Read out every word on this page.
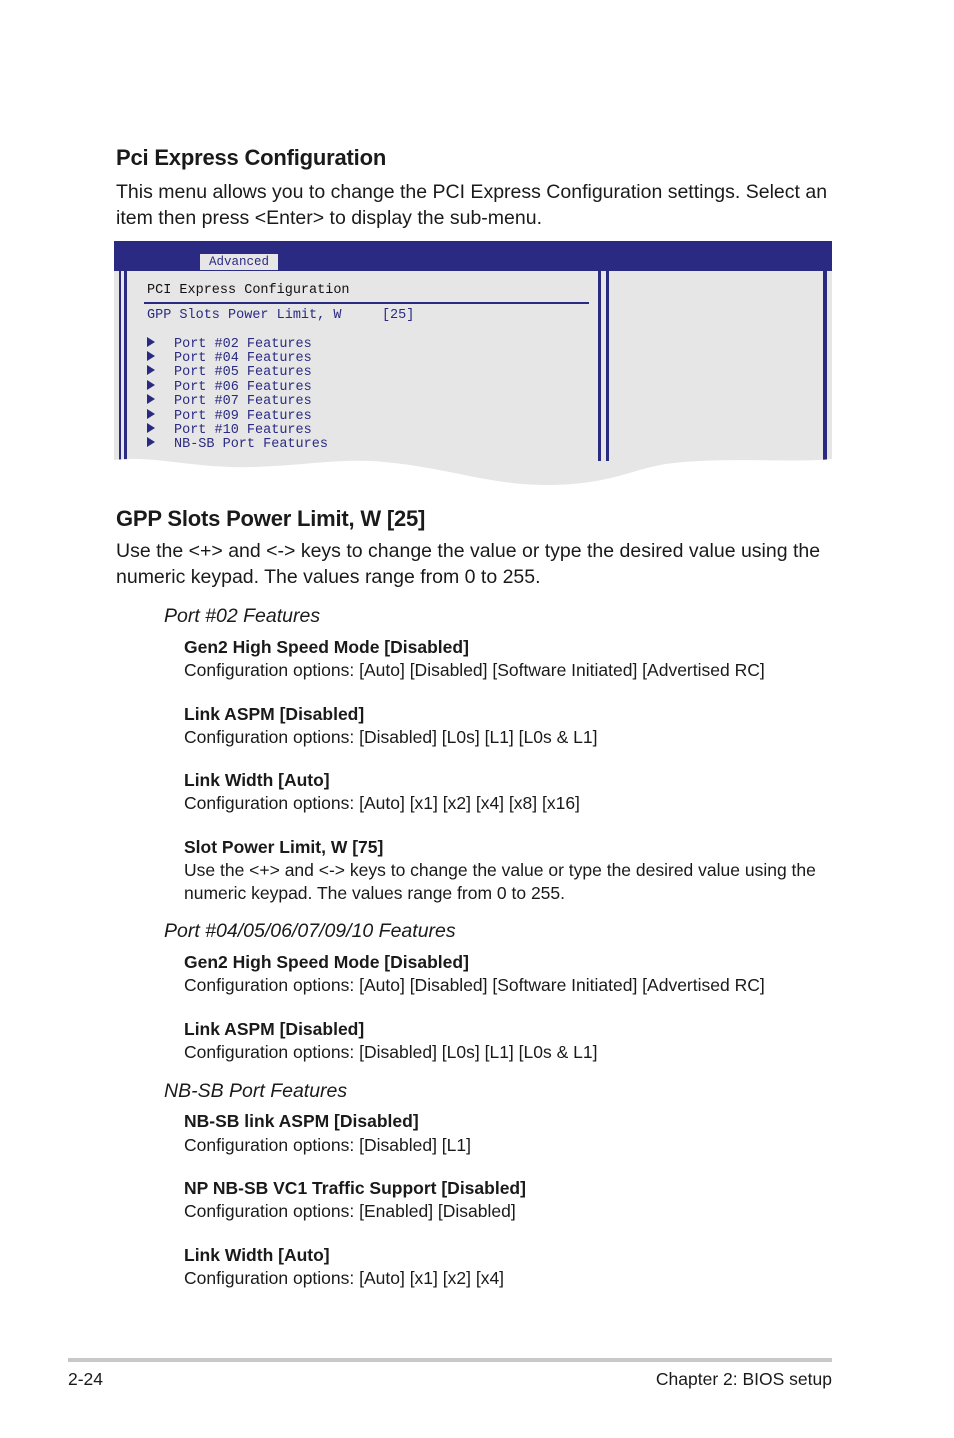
Pci Express Configuration
This menu allows you to change the PCI Express Configuration settings. Select an item then press <Enter> to display the sub-menu.
Advanced
PCI Express Configuration
GPP Slots Power Limit, W	[25]
Port #02 Features
Port #04 Features
Port #05 Features
Port #06 Features
Port #07 Features
Port #09 Features
Port #10 Features
NB-SB Port Features
GPP Slots Power Limit, W [25]
Use the <+> and <-> keys to change the value or type the desired value using the numeric keypad. The values range from 0 to 255.
Port #02 Features
Gen2 High Speed Mode [Disabled]
Configuration options: [Auto] [Disabled] [Software Initiated] [Advertised RC]
Link ASPM [Disabled]
Configuration options: [Disabled] [L0s] [L1] [L0s & L1]
Link Width [Auto]
Configuration options: [Auto] [x1] [x2] [x4] [x8] [x16]
Slot Power Limit, W [75]
Use the <+> and <-> keys to change the value or type the desired value using the numeric keypad. The values range from 0 to 255.
Port #04/05/06/07/09/10 Features
Gen2 High Speed Mode [Disabled]
Configuration options: [Auto] [Disabled] [Software Initiated] [Advertised RC]
Link ASPM [Disabled]
Configuration options: [Disabled] [L0s] [L1] [L0s & L1]
NB-SB Port Features
NB-SB link ASPM [Disabled]
Configuration options: [Disabled] [L1]
NP NB-SB VC1 Traffic Support [Disabled]
Configuration options: [Enabled] [Disabled]
Link Width [Auto]
Configuration options: [Auto] [x1] [x2] [x4]
2-24	Chapter 2: BIOS setup
